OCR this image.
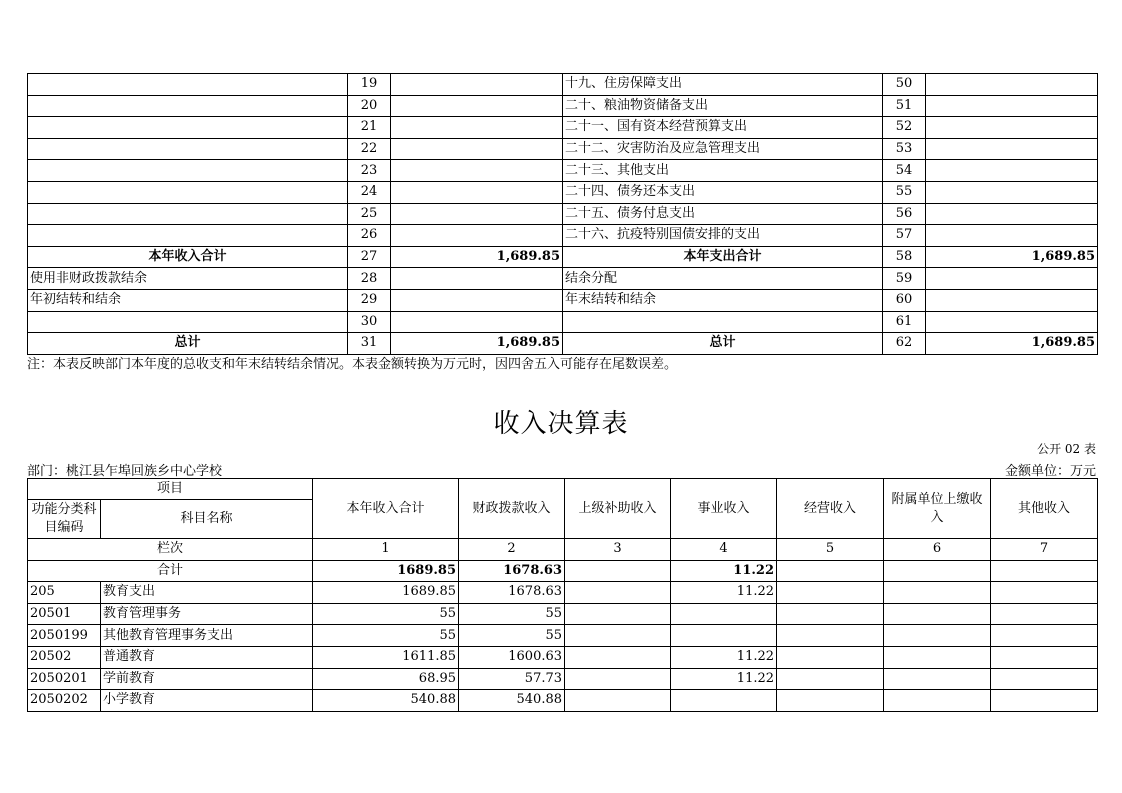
	19		十九、住房保障支出	50	
	20		二十、粮油物资储备支出	51	
	21		二十一、国有资本经营预算支出	52	
	22		二十二、灾害防治及应急管理支出	53	
	23		二十三、其他支出	54	
	24		二十四、债务还本支出	55	
	25		二十五、债务付息支出	56	
	26		二十六、抗疫特别国债安排的支出	57	
本年收入合计	27	1,689.85	本年支出合计	58	1,689.85
使用非财政拨款结余	28		结余分配	59	
年初结转和结余	29		年末结转和结余	60	
	30			61	
总计	31	1,689.85	总计	62	1,689.85
注：本表反映部门本年度的总收支和年末结转结余情况。本表金额转换为万元时，因四舍五入可能存在尾数误差。
收入决算表
公开 02 表
部门：桃江县乍埠回族乡中心学校	金额单位：万元
项目		本年收入合计	财政拨款收入	上级补助收入	事业收入	经营收入	附属单位上缴收入	其他收入
功能分类科目编码	科目名称							
栏次		1	2	3	4	5	6	7
合计		1689.85	1678.63		11.22			
205	教育支出	1689.85	1678.63		11.22			
20501	教育管理事务	55	55					
2050199	其他教育管理事务支出	55	55					
20502	普通教育	1611.85	1600.63		11.22			
2050201	学前教育	68.95	57.73		11.22			
2050202	小学教育	540.88	540.88					
